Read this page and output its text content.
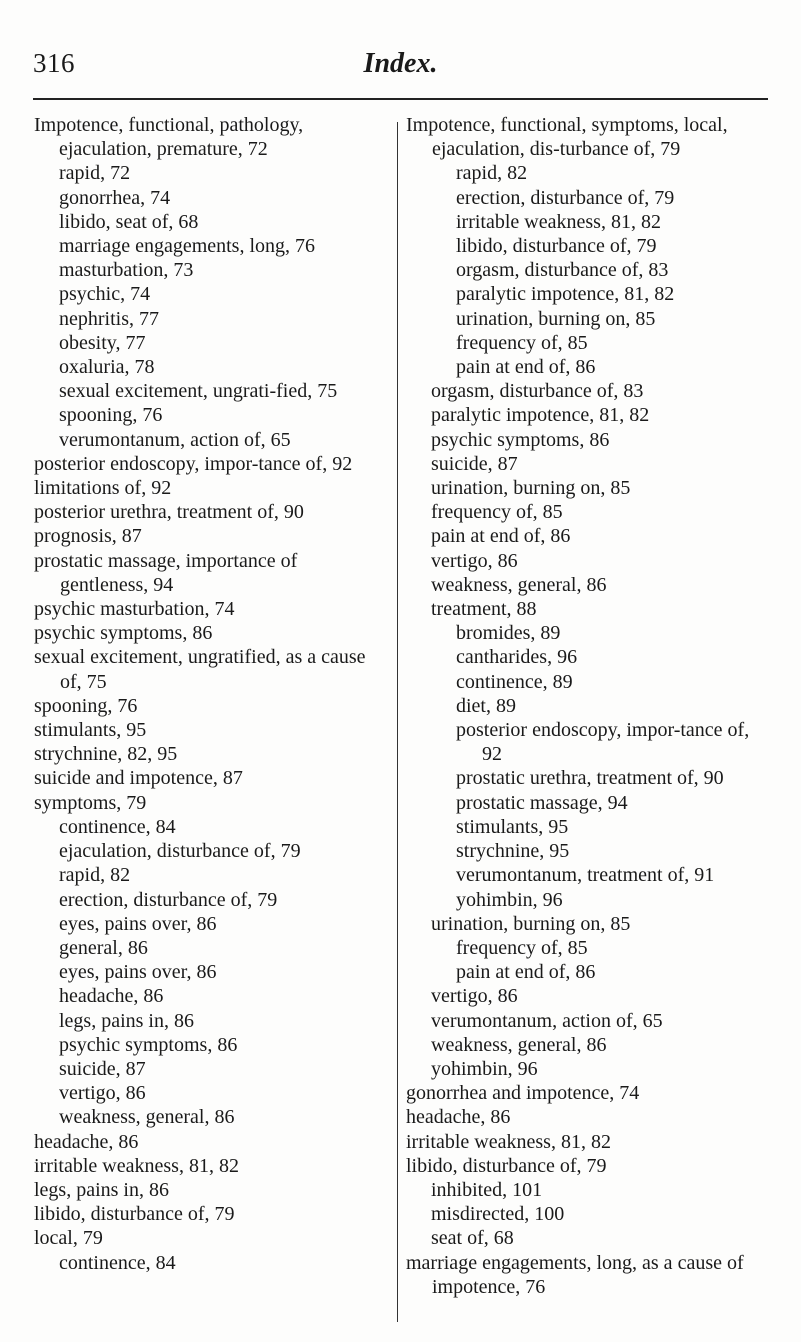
316	Index.
Impotence, functional, pathology,
ejaculation, premature, 72
rapid, 72
gonorrhea, 74
libido, seat of, 68
marriage engagements, long, 76
masturbation, 73
psychic, 74
nephritis, 77
obesity, 77
oxaluria, 78
sexual excitement, ungrati-fied, 75
spooning, 76
verumontanum, action of, 65
posterior endoscopy, impor-tance of, 92
limitations of, 92
posterior urethra, treatment of, 90
prognosis, 87
prostatic massage, importance of gentleness, 94
psychic masturbation, 74
psychic symptoms, 86
sexual excitement, ungratified, as a cause of, 75
spooning, 76
stimulants, 95
strychnine, 82, 95
suicide and impotence, 87
symptoms, 79
continence, 84
ejaculation, disturbance of, 79
rapid, 82
erection, disturbance of, 79
eyes, pains over, 86
general, 86
eyes, pains over, 86
headache, 86
legs, pains in, 86
psychic symptoms, 86
suicide, 87
vertigo, 86
weakness, general, 86
headache, 86
irritable weakness, 81, 82
legs, pains in, 86
libido, disturbance of, 79
local, 79
continence, 84
Impotence, functional, symptoms, local, ejaculation, dis-turbance of, 79
rapid, 82
erection, disturbance of, 79
irritable weakness, 81, 82
libido, disturbance of, 79
orgasm, disturbance of, 83
paralytic impotence, 81, 82
urination, burning on, 85
frequency of, 85
pain at end of, 86
orgasm, disturbance of, 83
paralytic impotence, 81, 82
psychic symptoms, 86
suicide, 87
urination, burning on, 85
frequency of, 85
pain at end of, 86
vertigo, 86
weakness, general, 86
treatment, 88
bromides, 89
cantharides, 96
continence, 89
diet, 89
posterior endoscopy, impor-tance of, 92
prostatic urethra, treatment of, 90
prostatic massage, 94
stimulants, 95
strychnine, 95
verumontanum, treatment of, 91
yohimbin, 96
urination, burning on, 85
frequency of, 85
pain at end of, 86
vertigo, 86
verumontanum, action of, 65
weakness, general, 86
yohimbin, 96
gonorrhea and impotence, 74
headache, 86
irritable weakness, 81, 82
libido, disturbance of, 79
inhibited, 101
misdirected, 100
seat of, 68
marriage engagements, long, as a cause of impotence, 76
